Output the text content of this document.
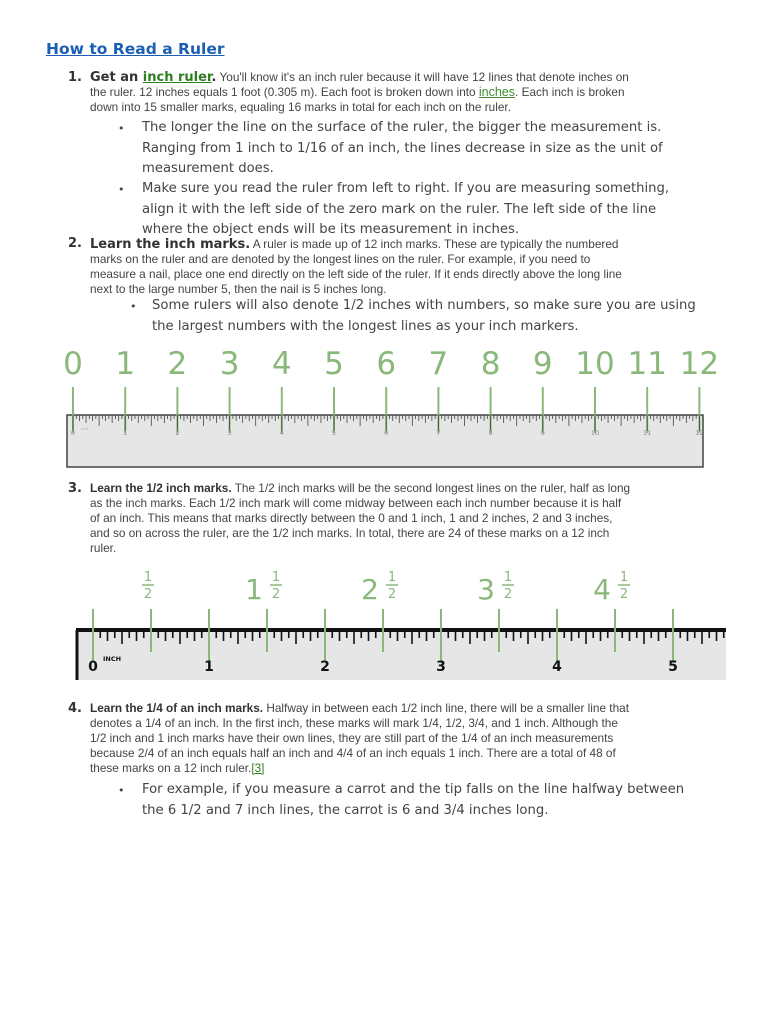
How to Read a Ruler
1. Get an inch ruler. You'll know it's an inch ruler because it will have 12 lines that denote inches on
the ruler. 12 inches equals 1 foot (0.305 m). Each foot is broken down into inches. Each inch is broken
down into 15 smaller marks, equaling 16 marks in total for each inch on the ruler.
• The longer the line on the surface of the ruler, the bigger the measurement is.
Ranging from 1 inch to 1/16 of an inch, the lines decrease in size as the unit of
measurement does.
• Make sure you read the ruler from left to right. If you are measuring something,
align it with the left side of the zero mark on the ruler. The left side of the line
where the object ends will be its measurement in inches.
2. Learn the inch marks. A ruler is made up of 12 inch marks. These are typically the numbered
marks on the ruler and are denoted by the longest lines on the ruler. For example, if you need to
measure a nail, place one end directly on the left side of the ruler. If it ends directly above the long line
next to the large number 5, then the nail is 5 inches long.
• Some rulers will also denote 1/2 inches with numbers, so make sure you are using
the largest numbers with the longest lines as your inch markers.
0 1 2 3 4 5 6 7 8 9 10 11 12
0	1	2	3	4	5	6	7	8	9	10	11	12
inch
3. Learn the 1/2 inch marks. The 1/2 inch marks will be the second longest lines on the ruler, half as long
as the inch marks. Each 1/2 inch mark will come midway between each inch number because it is half
of an inch. This means that marks directly between the 0 and 1 inch, 1 and 2 inches, 2 and 3 inches,
and so on across the ruler, are the 1/2 inch marks. In total, there are 24 of these marks on a 12 inch
ruler.
1
2	1 1
2	2 1
2	3 1
2	4 1
2
0	1	2	3	4	5
INCH
4. Learn the 1/4 of an inch marks. Halfway in between each 1/2 inch line, there will be a smaller line that
denotes a 1/4 of an inch. In the first inch, these marks will mark 1/4, 1/2, 3/4, and 1 inch. Although the
1/2 inch and 1 inch marks have their own lines, they are still part of the 1/4 of an inch measurements
because 2/4 of an inch equals half an inch and 4/4 of an inch equals 1 inch. There are a total of 48 of
these marks on a 12 inch ruler.[3]
• For example, if you measure a carrot and the tip falls on the line halfway between
the 6 1/2 and 7 inch lines, the carrot is 6 and 3/4 inches long.
